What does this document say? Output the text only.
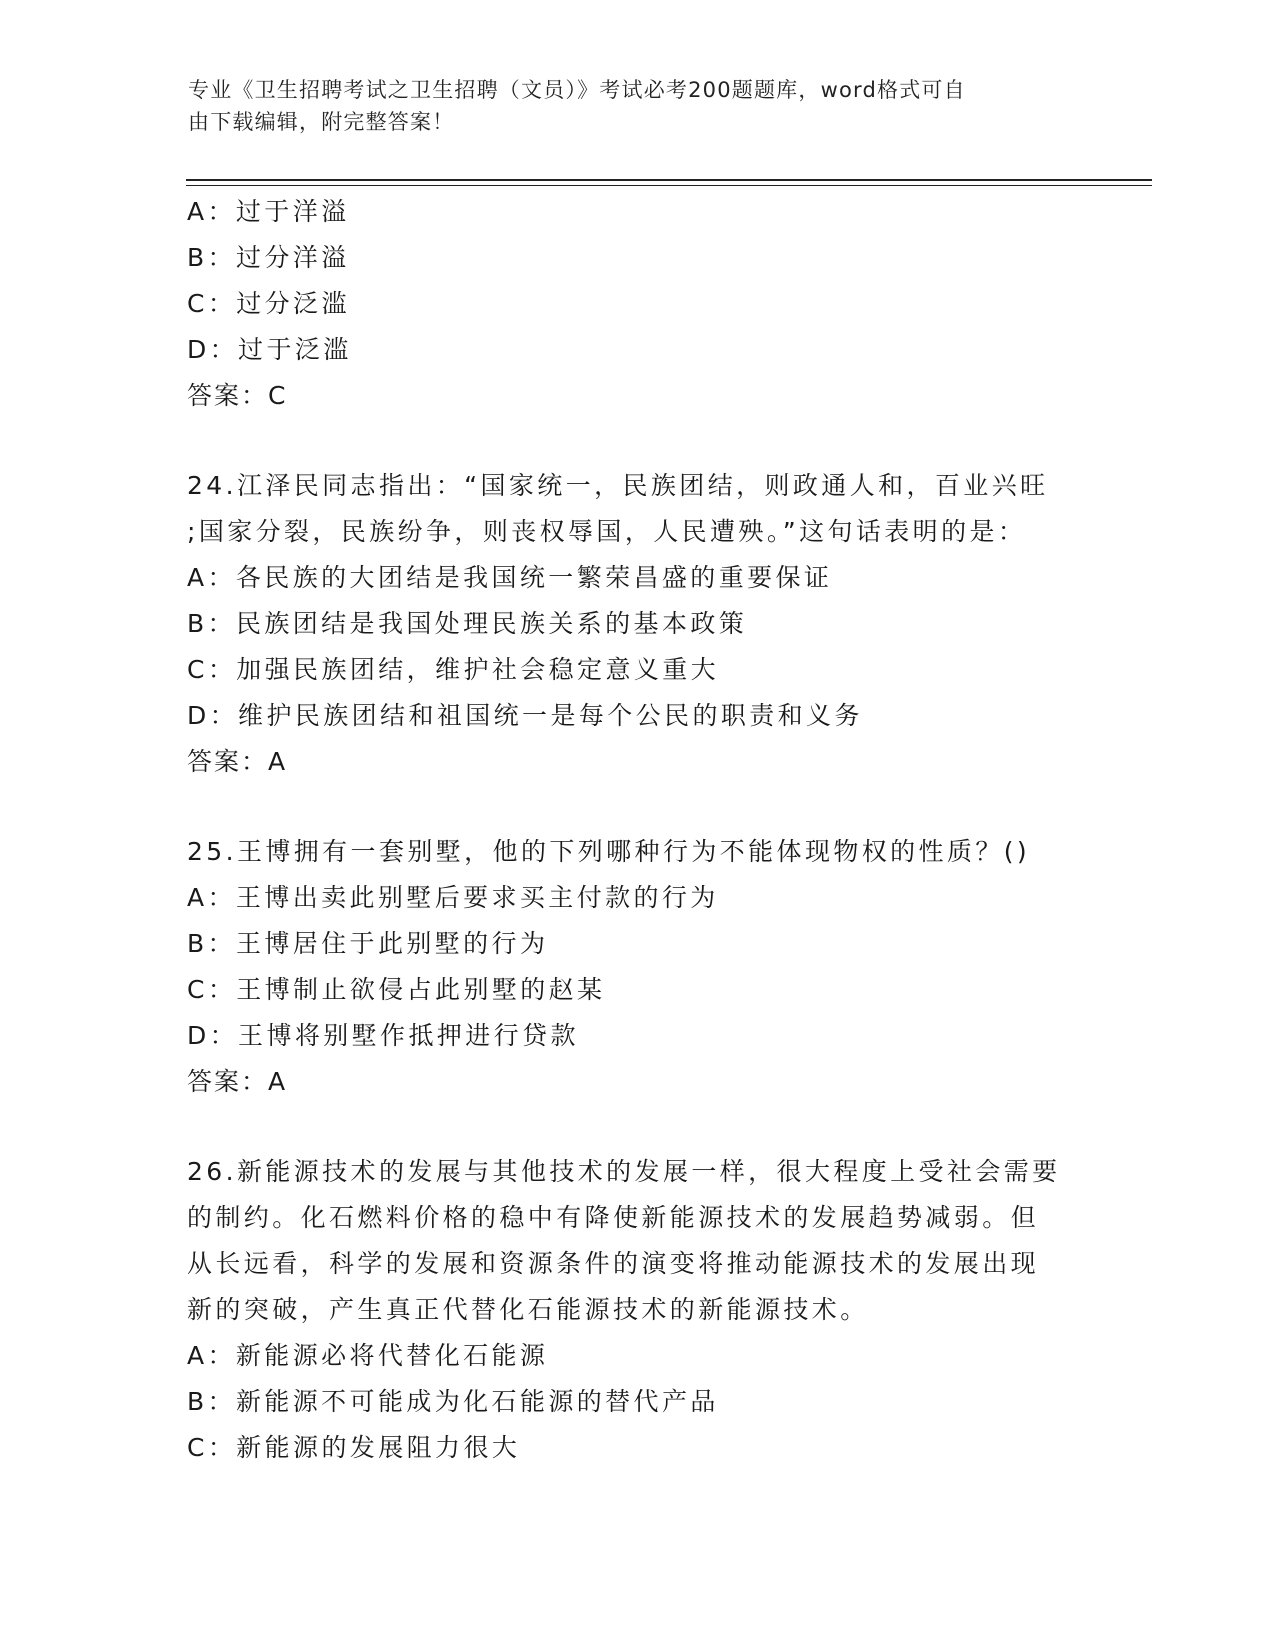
专业《卫生招聘考试之卫生招聘（文员）》考试必考200题题库，word格式可自
由下载编辑，附完整答案！
A：过于洋溢
B：过分洋溢
C：过分泛滥
D：过于泛滥
答案：C
24.江泽民同志指出：“国家统一，民族团结，则政通人和，百业兴旺
;国家分裂，民族纷争，则丧权辱国，人民遭殃。”这句话表明的是：
A：各民族的大团结是我国统一繁荣昌盛的重要保证
B：民族团结是我国处理民族关系的基本政策
C：加强民族团结，维护社会稳定意义重大
D：维护民族团结和祖国统一是每个公民的职责和义务
答案：A
25.王博拥有一套别墅，他的下列哪种行为不能体现物权的性质？()
A：王博出卖此别墅后要求买主付款的行为
B：王博居住于此别墅的行为
C：王博制止欲侵占此别墅的赵某
D：王博将别墅作抵押进行贷款
答案：A
26.新能源技术的发展与其他技术的发展一样，很大程度上受社会需要
的制约。化石燃料价格的稳中有降使新能源技术的发展趋势减弱。但
从长远看，科学的发展和资源条件的演变将推动能源技术的发展出现
新的突破，产生真正代替化石能源技术的新能源技术。
A：新能源必将代替化石能源
B：新能源不可能成为化石能源的替代产品
C：新能源的发展阻力很大
